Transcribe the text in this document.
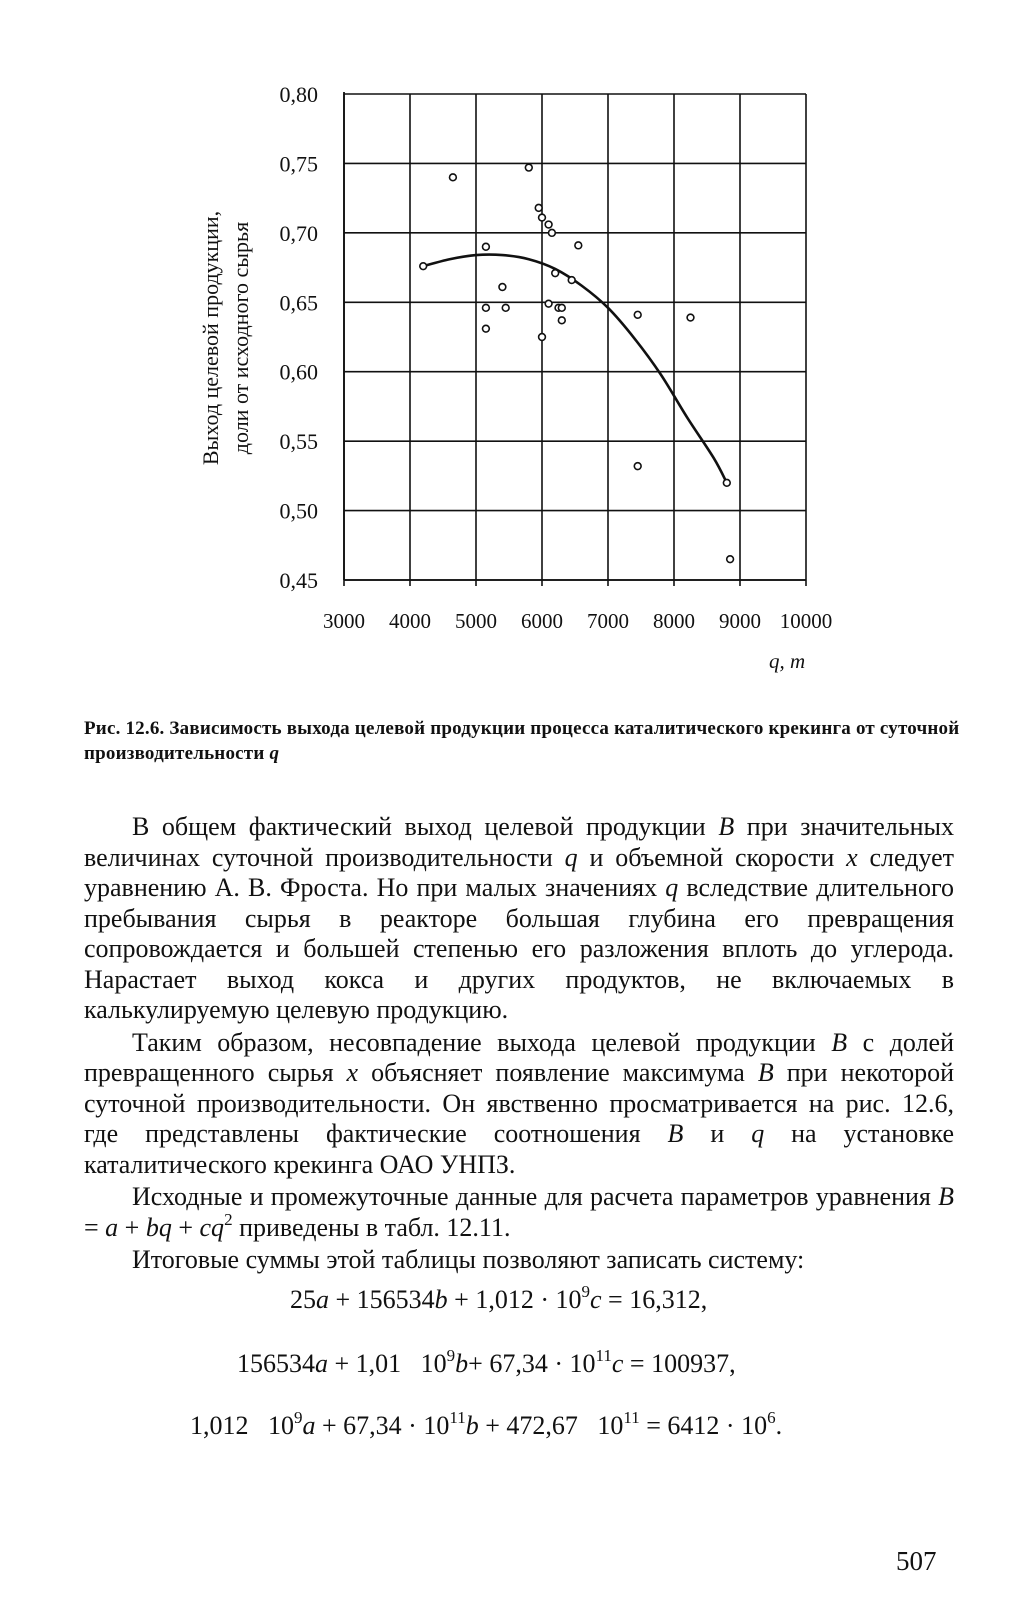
0,45
0,50
0,55
0,60
0,65
0,70
0,75
0,80
3000 4000 5000 6000 7000 8000 9000 10000
Выход целевой продукции, доли от исходного сырья
q, т
Рис. 12.6. Зависимость выхода целевой продукции процесса каталитического крекинга от суточной производительности q

В общем фактический выход целевой продукции B при значительных величинах суточной производительности q и объемной скорости x следует уравнению А. В. Фроста. Но при малых значениях q вследствие длительного пребывания сырья в реакторе большая глубина его превращения сопровождается и большей степенью его разложения вплоть до углерода. Нарастает выход кокса и других продуктов, не включаемых в калькулируемую целевую продукцию.

Таким образом, несовпадение выхода целевой продукции B с долей превращенного сырья x объясняет появление максимума B при некоторой суточной производительности. Он явственно просматривается на рис. 12.6, где представлены фактические соотношения B и q на установке каталитического крекинга ОАО УНПЗ.

Исходные и промежуточные данные для расчета параметров уравнения B = a + bq + $cq^2$ приведены в табл. 12.11.

Итоговые суммы этой таблицы позволяют записать систему:

$25a + 156534b + 1,012 \cdot 10^9c = 16,312$,
156534a + 1,01   $10^9b+ 67,34 \cdot 10^{11}c = 100937$,
1,012   $10^9a + 67,34 \cdot 10^{11}b + 472,67$   $10^{11} = 6412 \cdot 10^6$.
507
